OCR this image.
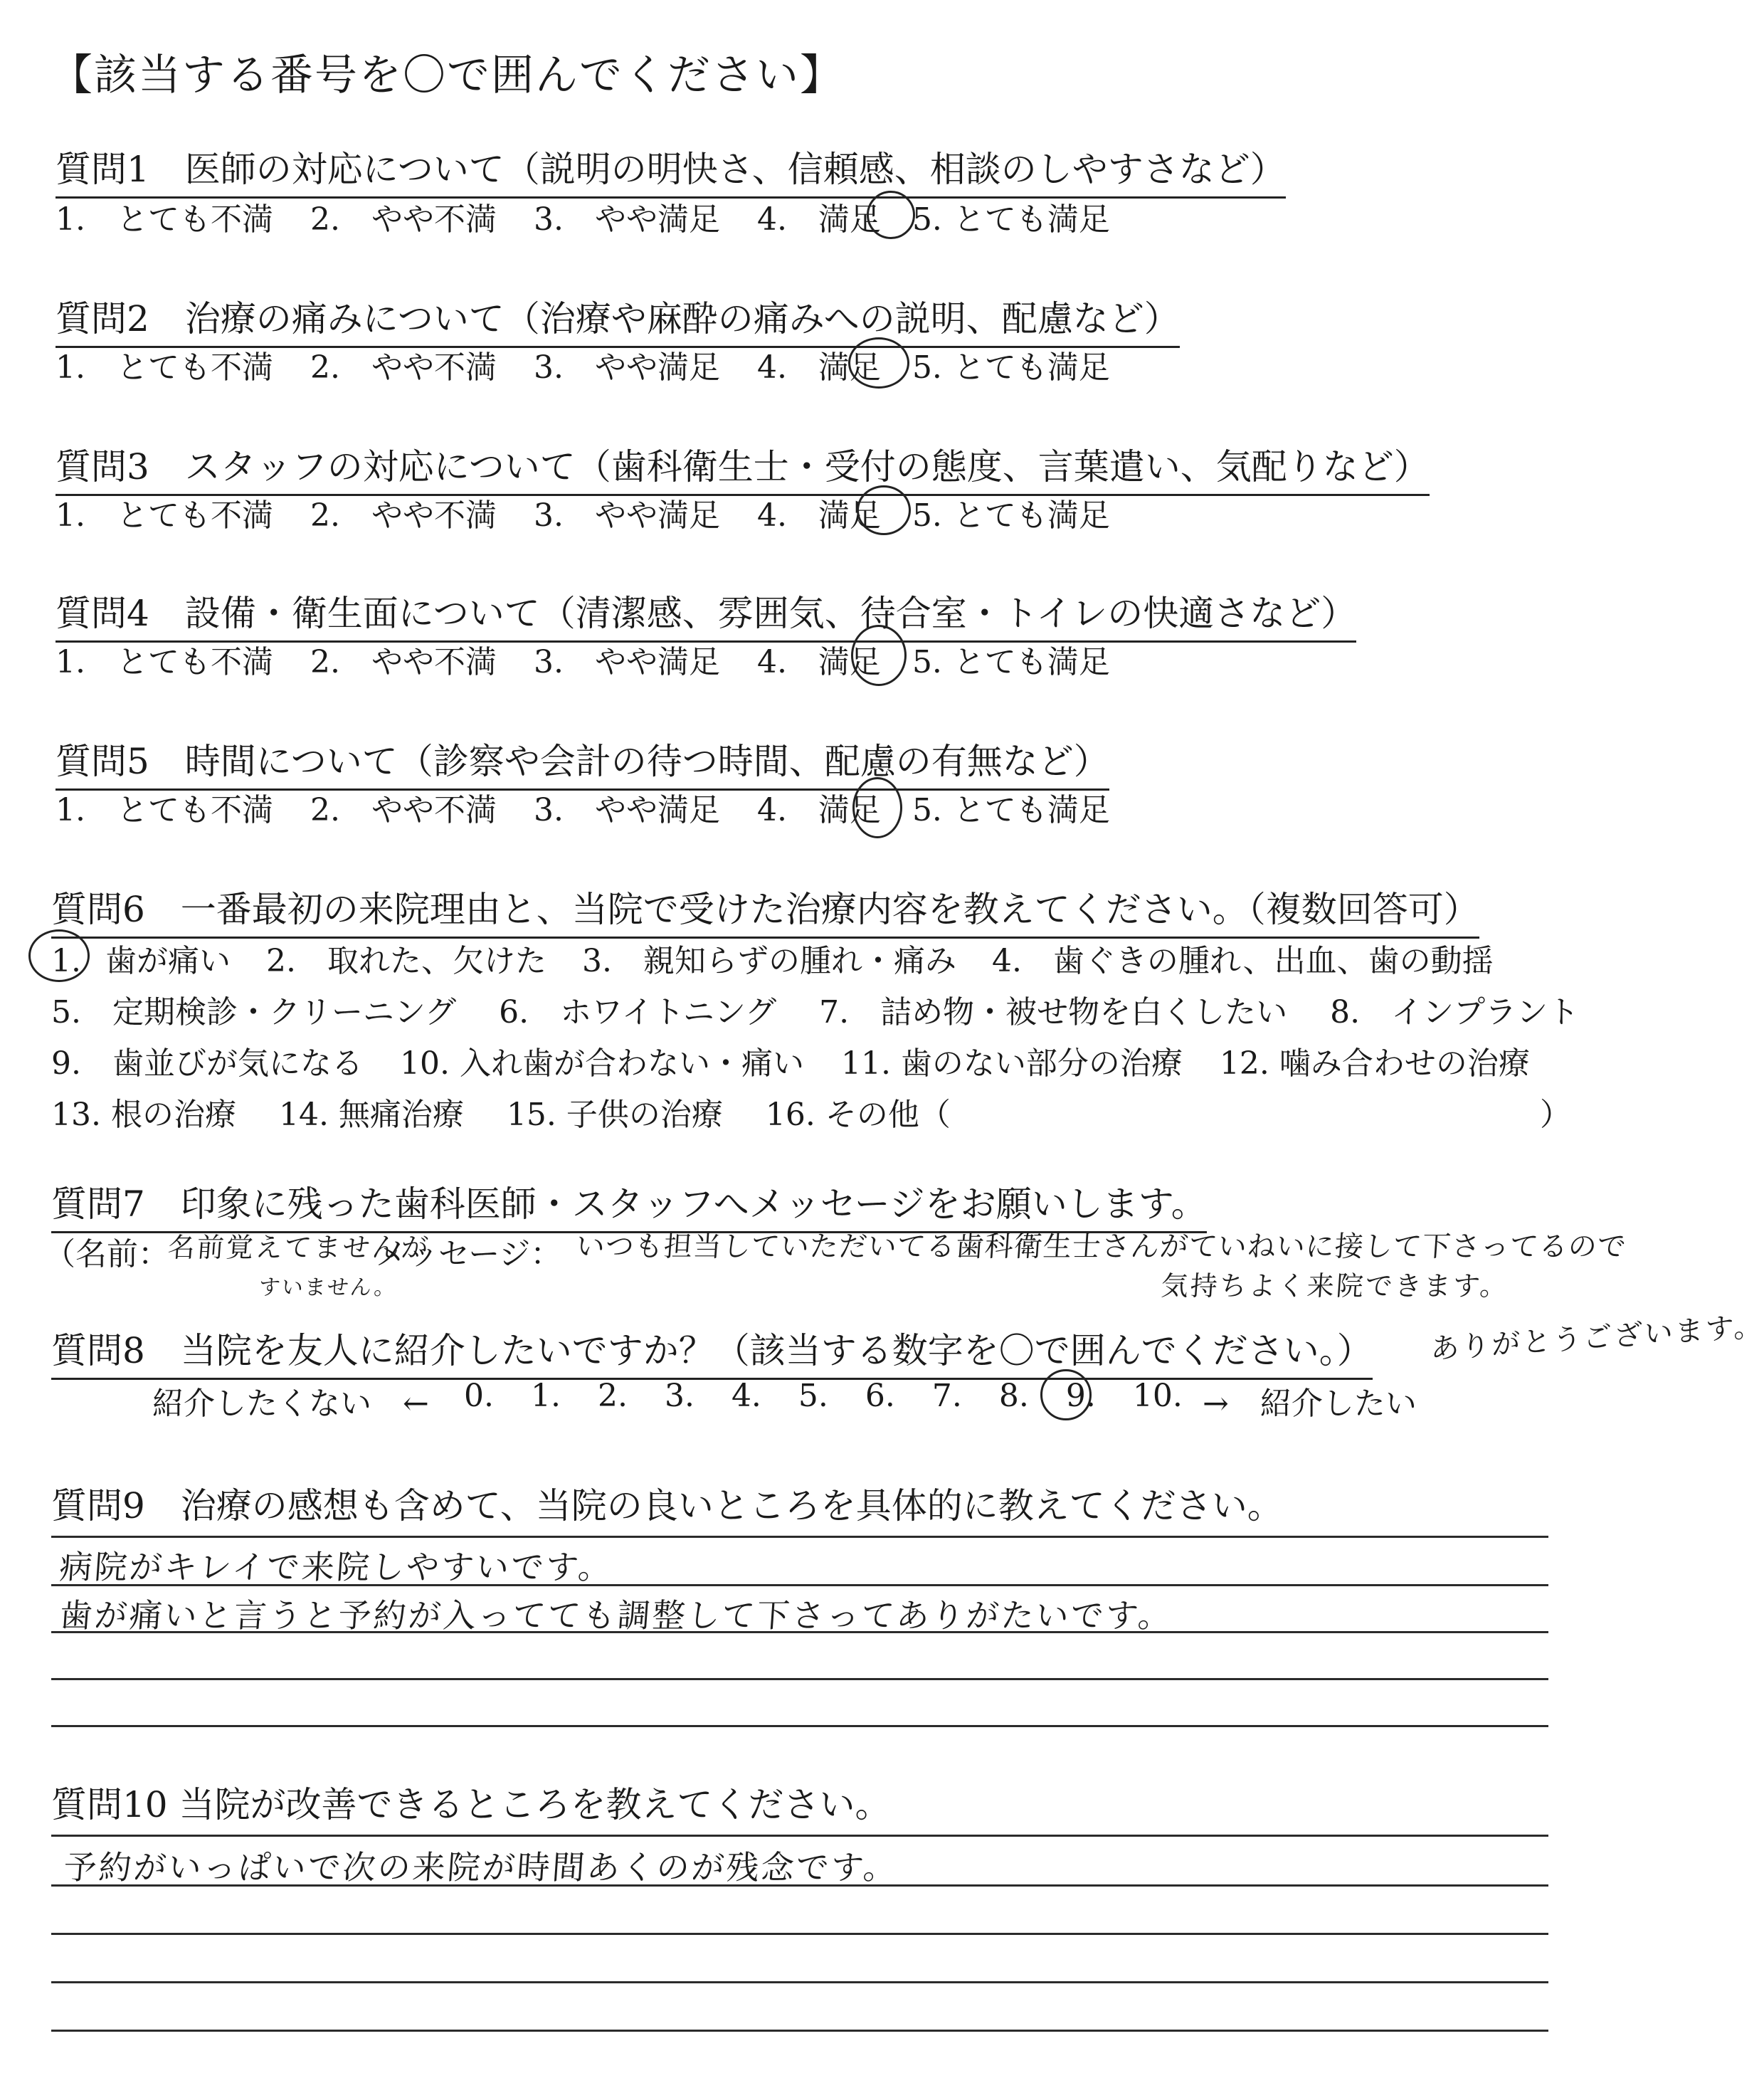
【該当する番号を〇で囲んでください】
質問1　医師の対応について（説明の明快さ、信頼感、相談のしやすさなど）
1.　とても不満 2.　やや不満 3.　やや満足 4.　満足 5. とても満足
質問2　治療の痛みについて（治療や麻酔の痛みへの説明、配慮など）
1.　とても不満 2.　やや不満 3.　やや満足 4.　満足 5. とても満足
質問3　スタッフの対応について（歯科衛生士・受付の態度、言葉遣い、気配りなど）
1.　とても不満 2.　やや不満 3.　やや満足 4.　満足 5. とても満足
質問4　設備・衛生面について（清潔感、雰囲気、待合室・トイレの快適さなど）
1.　とても不満 2.　やや不満 3.　やや満足 4.　満足 5. とても満足
質問5　時間について（診察や会計の待つ時間、配慮の有無など）
1.　とても不満 2.　やや不満 3.　やや満足 4.　満足 5. とても満足
質問6　一番最初の来院理由と、当院で受けた治療内容を教えてください。（複数回答可）
1. 歯が痛い 2.　取れた、欠けた 3.　親知らずの腫れ・痛み 4.　歯ぐきの腫れ、出血、歯の動揺
5.　定期検診・クリーニング 6.　ホワイトニング 7.　詰め物・被せ物を白くしたい 8.　インプラント
9.　歯並びが気になる 10. 入れ歯が合わない・痛い 11. 歯のない部分の治療 12. 噛み合わせの治療
13. 根の治療 14. 無痛治療 15. 子供の治療 16. その他（	）
質問7　印象に残った歯科医師・スタッフへメッセージをお願いします。
（名前：
名前覚えてませんが
メッセージ： いつも担当していただいてる歯科衛生士さんがていねいに接して下さってるので
すいません。	気持ちよく来院できます。
質問8　当院を友人に紹介したいですか？（該当する数字を〇で囲んでください。） ありがとうございます。
紹介したくない　← 0. 1. 2. 3. 4. 5. 6. 7. 8. 9. 10. →　紹介したい
質問9　治療の感想も含めて、当院の良いところを具体的に教えてください。
病院がキレイで来院しやすいです。
歯が痛いと言うと予約が入ってても調整して下さってありがたいです。
質問10 当院が改善できるところを教えてください。
予約がいっぱいで次の来院が時間あくのが残念です。
